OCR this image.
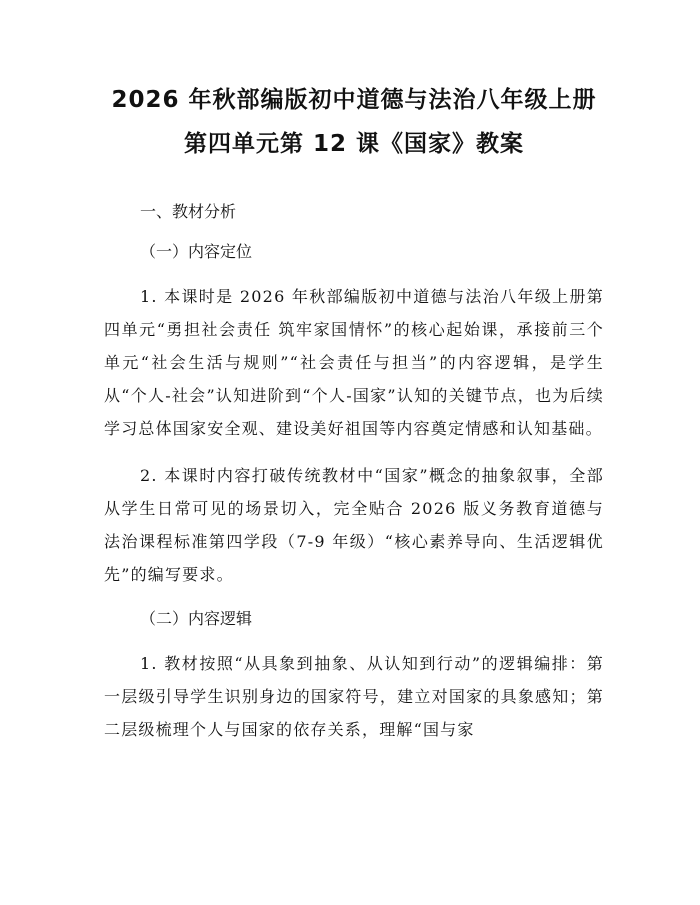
2026 年秋部编版初中道德与法治八年级上册
第四单元第 12 课《国家》教案

一、教材分析

（一）内容定位

1. 本课时是 2026 年秋部编版初中道德与法治八年级上册第四单元“勇担社会责任 筑牢家国情怀”的核心起始课，承接前三个单元“社会生活与规则”“社会责任与担当”的内容逻辑，是学生从“个人-社会”认知进阶到“个人-国家”认知的关键节点，也为后续学习总体国家安全观、建设美好祖国等内容奠定情感和认知基础。

2. 本课时内容打破传统教材中“国家”概念的抽象叙事，全部从学生日常可见的场景切入，完全贴合 2026 版义务教育道德与法治课程标准第四学段（7-9 年级）“核心素养导向、生活逻辑优先”的编写要求。

（二）内容逻辑

1. 教材按照“从具象到抽象、从认知到行动”的逻辑编排：第一层级引导学生识别身边的国家符号，建立对国家的具象感知；第二层级梳理个人与国家的依存关系，理解“国与家
